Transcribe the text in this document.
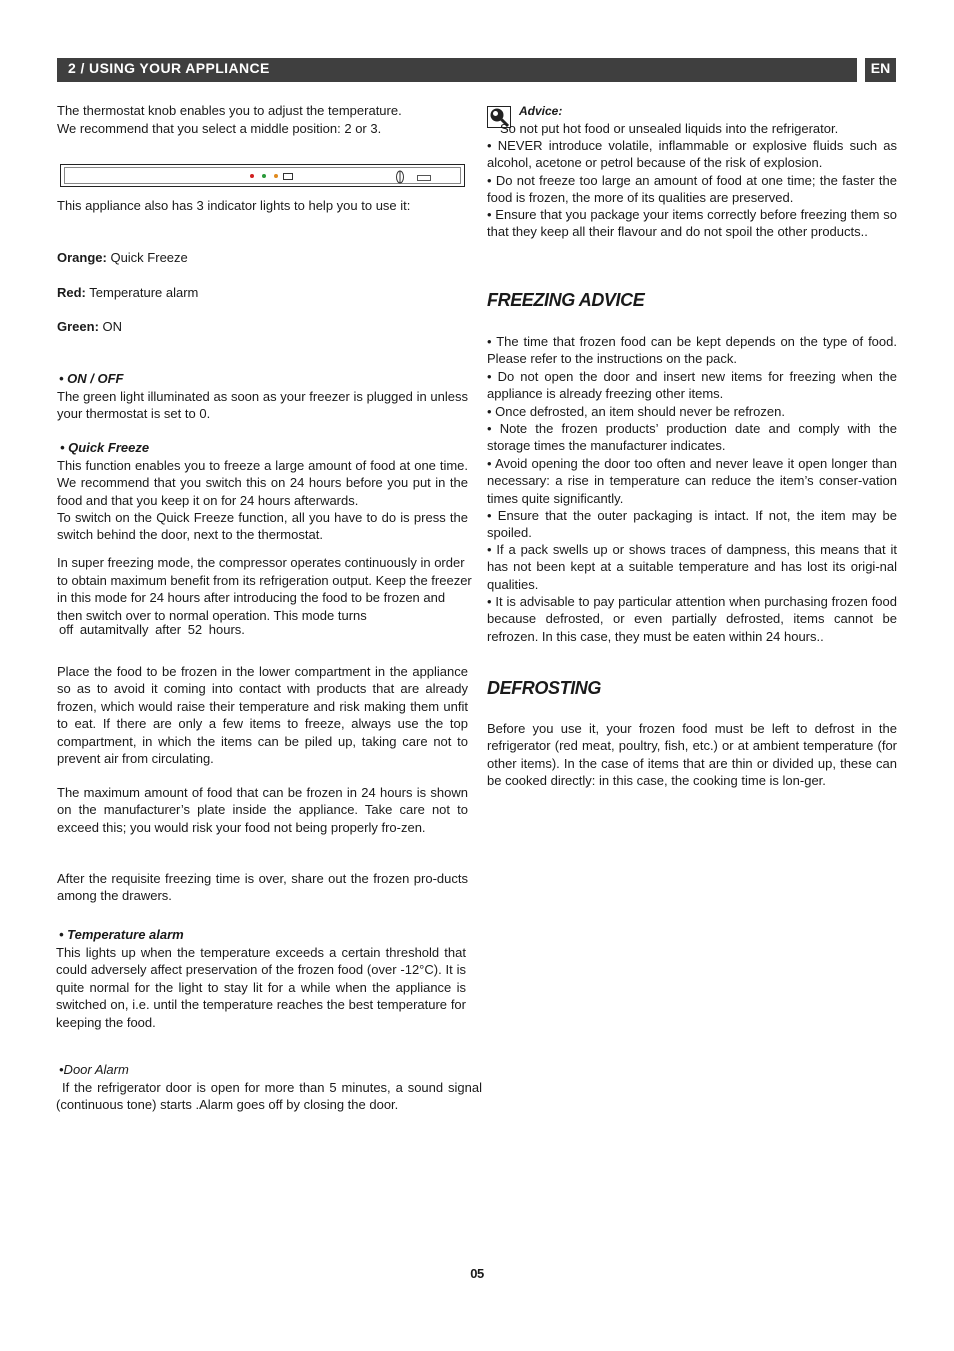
2 / USING YOUR APPLIANCE	EN

The thermostat knob enables you to adjust the temperature.

We recommend that you select a middle position: 2 or 3.

This appliance also has 3 indicator lights to help you to use it:

Orange: Quick Freeze

Red: Temperature alarm

Green: ON

• ON / OFF

The green light illuminated as soon as your freezer is plugged in unless your thermostat is set to 0.

• Quick Freeze

This function enables you to freeze a large amount of food at one time. We recommend that you switch this on 24 hours before you put in the food and that you keep it on for 24 hours afterwards.

To switch on the Quick Freeze function, all you have to do is press the switch behind the door, next to the thermostat.

In super freezing mode, the compressor operates continuously in order to obtain maximum benefit from its refrigeration output. Keep the freezer in this mode for 24 hours after introducing the food to be frozen and then switch over to normal operation. This mode turns

off autamitvally after 52 hours.

Place the food to be frozen in the lower compartment in the appliance so as to avoid it coming into contact with products that are already frozen, which would raise their temperature and risk making them unfit to eat. If there are only a few items to freeze, always use the top compartment, in which the items can be piled up, taking care not to prevent air from circulating.

The maximum amount of food that can be frozen in 24 hours is shown on the manufacturer’s plate inside the appliance. Take care not to exceed this; you would risk your food not being properly fro-zen.

After the requisite freezing time is over, share out the frozen pro-ducts among the drawers.

• Temperature alarm

This lights up when the temperature exceeds a certain threshold that could adversely affect preservation of the frozen food (over -12°C). It is quite normal for the light to stay lit for a while when the appliance is switched on, i.e. until the temperature reaches the best temperature for keeping the food.

•Door Alarm

If the refrigerator door is open for more than 5 minutes, a sound signal (continuous tone) starts .Alarm goes off by closing the door.

Advice:

So not put hot food or unsealed liquids into the refrigerator.

• NEVER introduce volatile, inflammable or explosive fluids such as alcohol, acetone or petrol because of the risk of explosion.

• Do not freeze too large an amount of food at one time; the faster the food is frozen, the more of its qualities are preserved.

• Ensure that you package your items correctly before freezing them so that they keep all their flavour and do not spoil the other products..

FREEZING ADVICE

• The time that frozen food can be kept depends on the type of food. Please refer to the instructions on the pack.

• Do not open the door and insert new items for freezing when the appliance is already freezing other items.

• Once defrosted, an item should never be refrozen.

• Note the frozen products’ production date and comply with the storage times the manufacturer indicates.

• Avoid opening the door too often and never leave it open longer than necessary: a rise in temperature can reduce the item’s conser-vation times quite significantly.

• Ensure that the outer packaging is intact. If not, the item may be spoiled.

• If a pack swells up or shows traces of dampness, this means that it has not been kept at a suitable temperature and has lost its origi-nal qualities.

• It is advisable to pay particular attention when purchasing frozen food because defrosted, or even partially defrosted, items cannot be refrozen. In this case, they must be eaten within 24 hours..

DEFROSTING

Before you use it, your frozen food must be left to defrost in the refrigerator (red meat, poultry, fish, etc.) or at ambient temperature (for other items). In the case of items that are thin or divided up, these can be cooked directly: in this case, the cooking time is lon-ger.

05
